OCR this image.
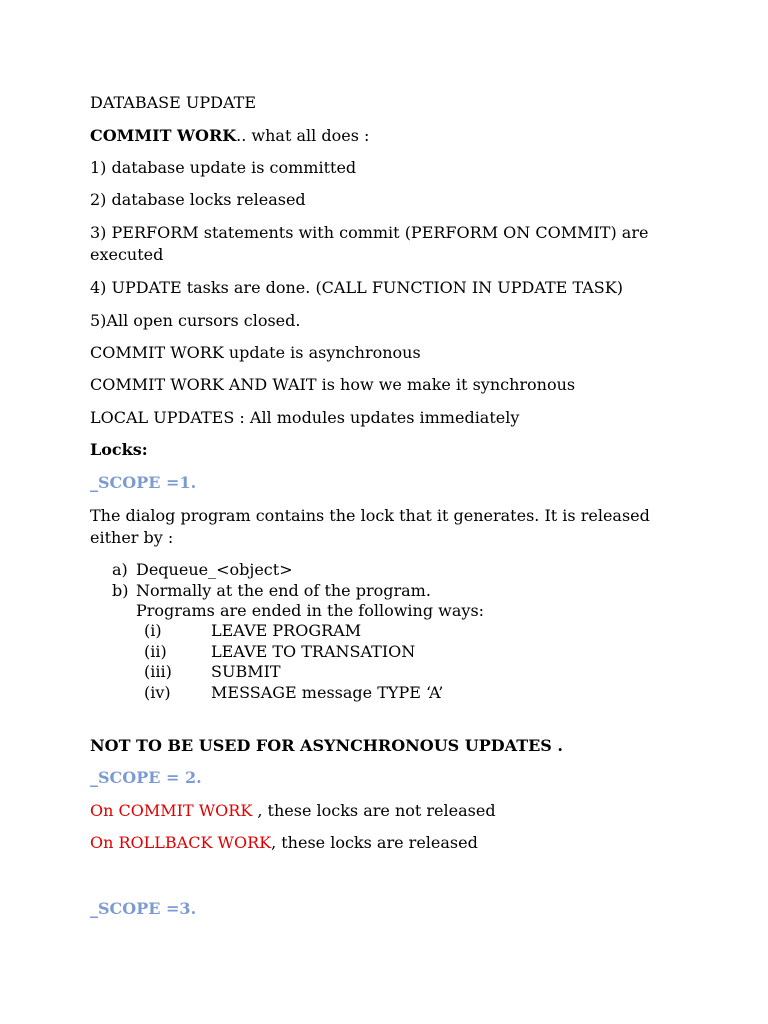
DATABASE UPDATE
COMMIT WORK.. what all does :
1) database update is committed
2) database locks released
3) PERFORM statements with commit (PERFORM ON COMMIT) are executed
4) UPDATE tasks are done. (CALL FUNCTION IN UPDATE TASK)
5)All open cursors closed.
COMMIT WORK update is asynchronous
COMMIT WORK AND WAIT is how we make it synchronous
LOCAL UPDATES : All modules updates immediately
Locks:
_SCOPE =1.
The dialog program contains the lock that it generates. It is released either by :
a) Dequeue_<object>
b) Normally at the end of the program.
Programs are ended in the following ways:
(i)	LEAVE PROGRAM
(ii)	LEAVE TO TRANSATION
(iii) SUBMIT
(iv)	MESSAGE message TYPE ‘A’
NOT TO BE USED FOR ASYNCHRONOUS UPDATES .
_SCOPE = 2.
On COMMIT WORK , these locks are not released
On ROLLBACK WORK, these locks are released
_SCOPE =3.
